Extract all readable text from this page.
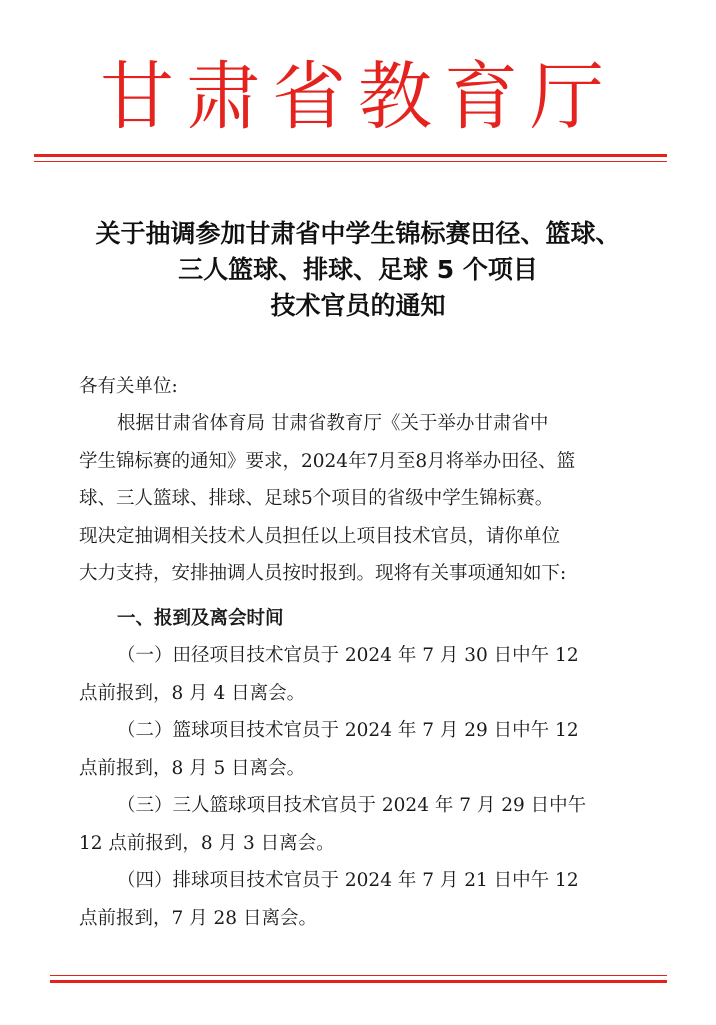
甘肃省教育厅
关于抽调参加甘肃省中学生锦标赛田径、篮球、
三人篮球、排球、足球 5 个项目
技术官员的通知
各有关单位:
根据甘肃省体育局 甘肃省教育厅《关于举办甘肃省中
学生锦标赛的通知》要求，2024年7月至8月将举办田径、篮
球、三人篮球、排球、足球5个项目的省级中学生锦标赛。
现决定抽调相关技术人员担任以上项目技术官员，请你单位
大力支持，安排抽调人员按时报到。现将有关事项通知如下:
一、报到及离会时间
（一）田径项目技术官员于 2024 年 7 月 30 日中午 12
点前报到，8 月 4 日离会。
（二）篮球项目技术官员于 2024 年 7 月 29 日中午 12
点前报到，8 月 5 日离会。
（三）三人篮球项目技术官员于 2024 年 7 月 29 日中午
12 点前报到，8 月 3 日离会。
（四）排球项目技术官员于 2024 年 7 月 21 日中午 12
点前报到，7 月 28 日离会。
